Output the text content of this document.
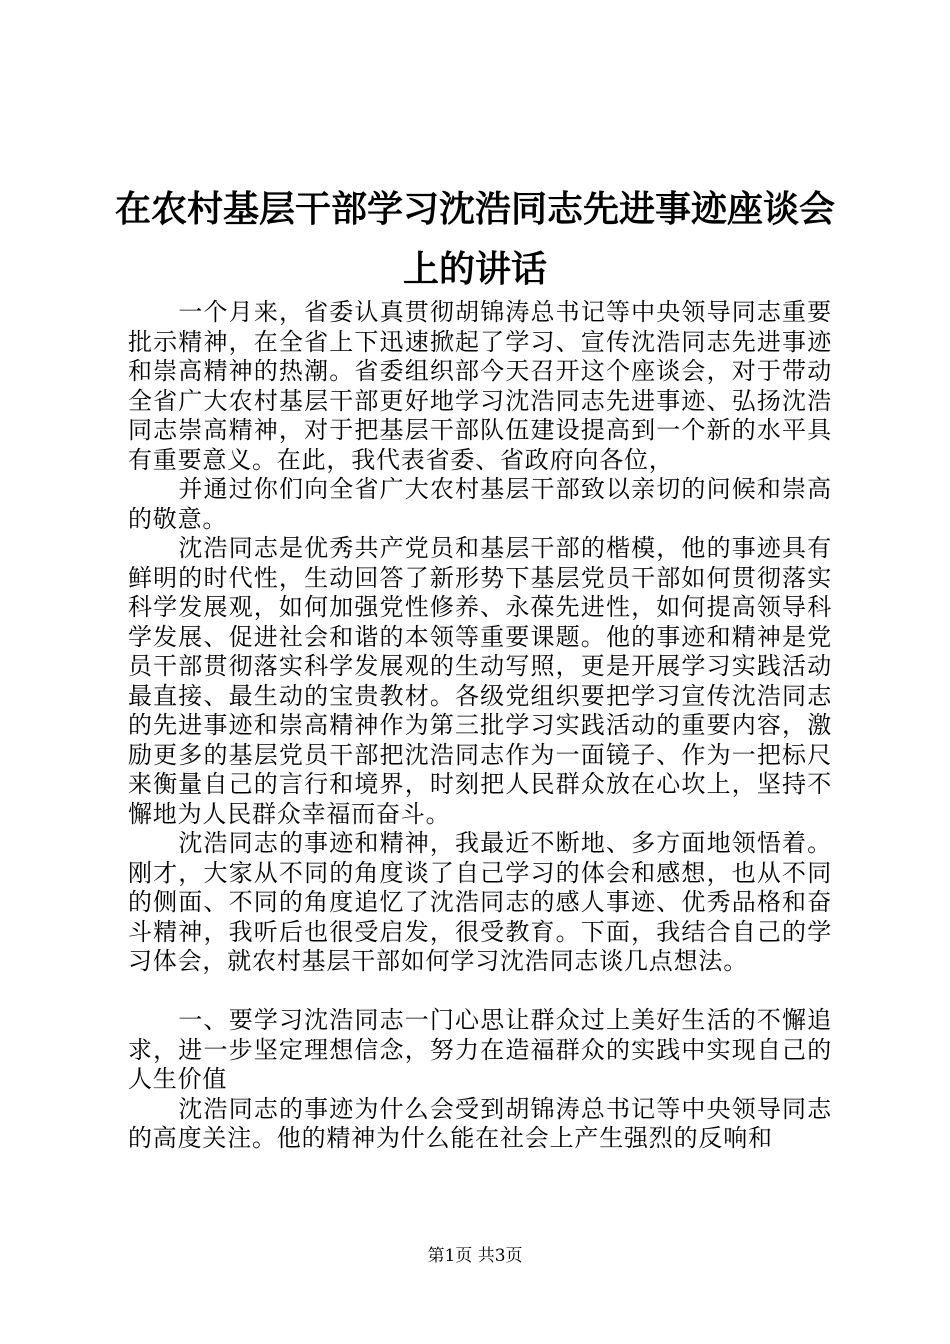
在农村基层干部学习沈浩同志先进事迹座谈会
上的讲话

一个月来，省委认真贯彻胡锦涛总书记等中央领导同志重要批示精神，在全省上下迅速掀起了学习、宣传沈浩同志先进事迹和崇高精神的热潮。省委组织部今天召开这个座谈会，对于带动全省广大农村基层干部更好地学习沈浩同志先进事迹、弘扬沈浩同志崇高精神，对于把基层干部队伍建设提高到一个新的水平具有重要意义。在此，我代表省委、省政府向各位，

并通过你们向全省广大农村基层干部致以亲切的问候和崇高的敬意。

沈浩同志是优秀共产党员和基层干部的楷模，他的事迹具有鲜明的时代性，生动回答了新形势下基层党员干部如何贯彻落实科学发展观，如何加强党性修养、永葆先进性，如何提高领导科学发展、促进社会和谐的本领等重要课题。他的事迹和精神是党员干部贯彻落实科学发展观的生动写照，更是开展学习实践活动最直接、最生动的宝贵教材。各级党组织要把学习宣传沈浩同志的先进事迹和崇高精神作为第三批学习实践活动的重要内容，激励更多的基层党员干部把沈浩同志作为一面镜子、作为一把标尺来衡量自己的言行和境界，时刻把人民群众放在心坎上，坚持不懈地为人民群众幸福而奋斗。

沈浩同志的事迹和精神，我最近不断地、多方面地领悟着。刚才，大家从不同的角度谈了自己学习的体会和感想，也从不同的侧面、不同的角度追忆了沈浩同志的感人事迹、优秀品格和奋斗精神，我听后也很受启发，很受教育。下面，我结合自己的学习体会，就农村基层干部如何学习沈浩同志谈几点想法。

一、要学习沈浩同志一门心思让群众过上美好生活的不懈追求，进一步坚定理想信念，努力在造福群众的实践中实现自己的人生价值

沈浩同志的事迹为什么会受到胡锦涛总书记等中央领导同志的高度关注。他的精神为什么能在社会上产生强烈的反响和

第1页 共3页
